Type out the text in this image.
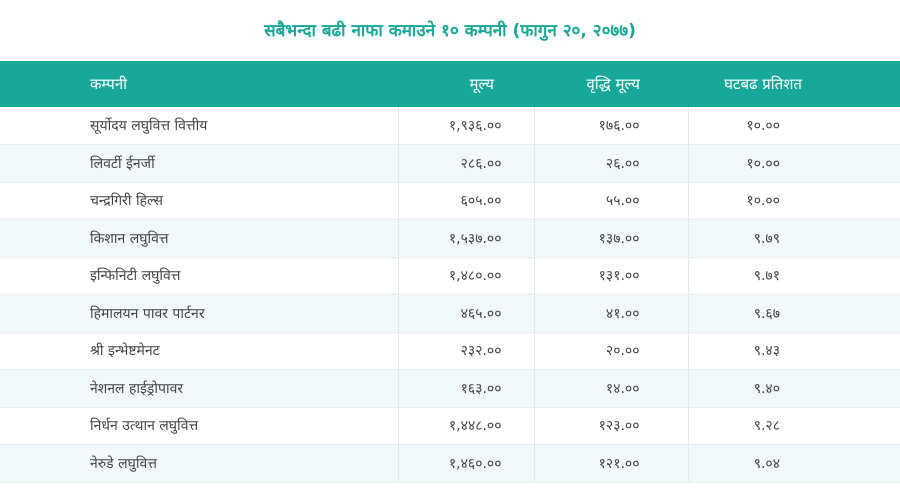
सबैभन्दा बढी नाफा कमाउने १० कम्पनी (फागुन २०, २०७७)
कम्पनी	मूल्य	वृद्धि मूल्य	घटबढ प्रतिशत
सूर्योदय लघुवित्त वित्तीय	१,९३६.००	१७६.००	१०.००
लिवर्टी ईनर्जी	२८६.००	२६.००	१०.००
चन्द्रगिरी हिल्स	६०५.००	५५.००	१०.००
किशान लघुवित्त	१,५३७.००	१३७.००	९.७९
इन्फिनिटी लघुवित्त	१,४८०.००	१३१.००	९.७१
हिमालयन पावर पार्टनर	४६५.००	४१.००	९.६७
श्री इन्भेष्टमेनट	२३२.००	२०.००	९.४३
नेशनल हाईड्रोपावर	१६३.००	१४.००	९.४०
निर्धन उत्थान लघुवित्त	१,४४८.००	१२३.००	९.२८
नेरुडे लघुवित्त	१,४६०.००	१२१.००	९.०४
